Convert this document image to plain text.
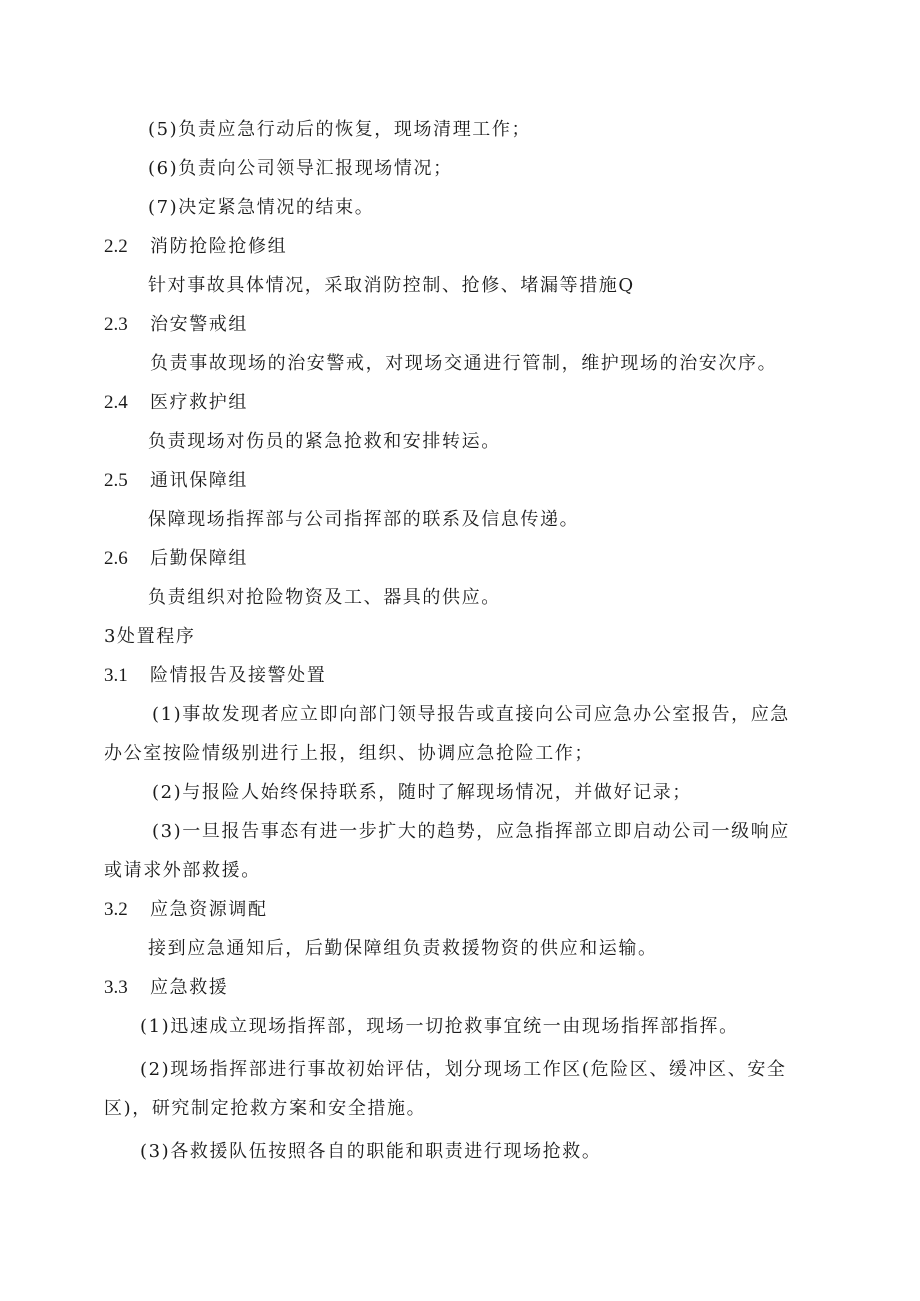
(5)负责应急行动后的恢复，现场清理工作；
(6)负责向公司领导汇报现场情况；
(7)决定紧急情况的结束。
2.2 消防抢险抢修组
针对事故具体情况，采取消防控制、抢修、堵漏等措施Q
2.3 治安警戒组
负责事故现场的治安警戒，对现场交通进行管制，维护现场的治安次序。
2.4 医疗救护组
负责现场对伤员的紧急抢救和安排转运。
2.5 通讯保障组
保障现场指挥部与公司指挥部的联系及信息传递。
2.6 后勤保障组
负责组织对抢险物资及工、器具的供应。
3处置程序
3.1 险情报告及接警处置
(1)事故发现者应立即向部门领导报告或直接向公司应急办公室报告，应急
办公室按险情级别进行上报，组织、协调应急抢险工作；
(2)与报险人始终保持联系，随时了解现场情况，并做好记录；
(3)一旦报告事态有进一步扩大的趋势，应急指挥部立即启动公司一级响应
或请求外部救援。
3.2 应急资源调配
接到应急通知后，后勤保障组负责救援物资的供应和运输。
3.3 应急救援
(1)迅速成立现场指挥部，现场一切抢救事宜统一由现场指挥部指挥。
(2)现场指挥部进行事故初始评估，划分现场工作区(危险区、缓冲区、安全
区)，研究制定抢救方案和安全措施。
(3)各救援队伍按照各自的职能和职责进行现场抢救。
